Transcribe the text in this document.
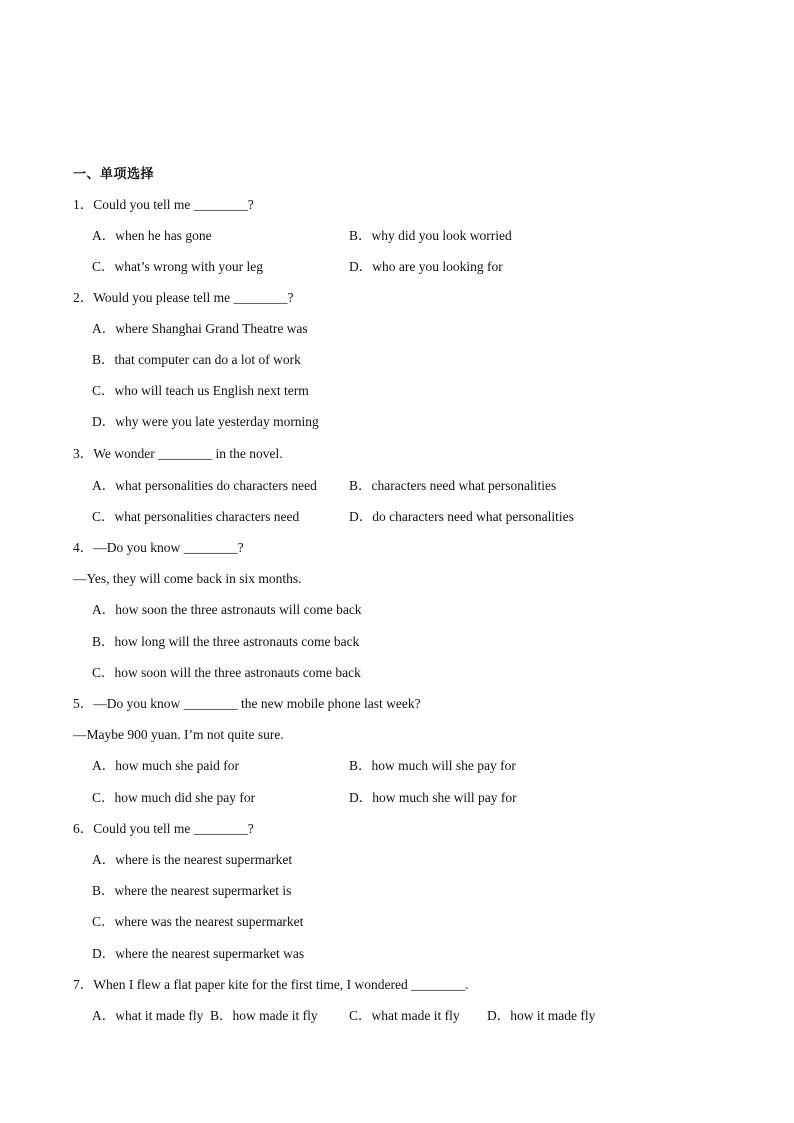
一、单项选择
1．Could you tell me ________?
A．when he has gone	B．why did you look worried
C．what’s wrong with your leg	D．who are you looking for
2．Would you please tell me ________?
A．where Shanghai Grand Theatre was
B．that computer can do a lot of work
C．who will teach us English next term
D．why were you late yesterday morning
3．We wonder ________ in the novel.
A．what personalities do characters need B．characters need what personalities
C．what personalities characters need	D．do characters need what personalities
4．—Do you know ________?
—Yes, they will come back in six months.
A．how soon the three astronauts will come back
B．how long will the three astronauts come back
C．how soon will the three astronauts come back
5．—Do you know ________ the new mobile phone last week?
—Maybe 900 yuan. I’m not quite sure.
A．how much she paid for	B．how much will she pay for
C．how much did she pay for	D．how much she will pay for
6．Could you tell me ________?
A．where is the nearest supermarket
B．where the nearest supermarket is
C．where was the nearest supermarket
D．where the nearest supermarket was
7．When I flew a flat paper kite for the first time, I wondered ________.
A．what it made fly B．how made it fly C．what made it fly D．how it made fly
